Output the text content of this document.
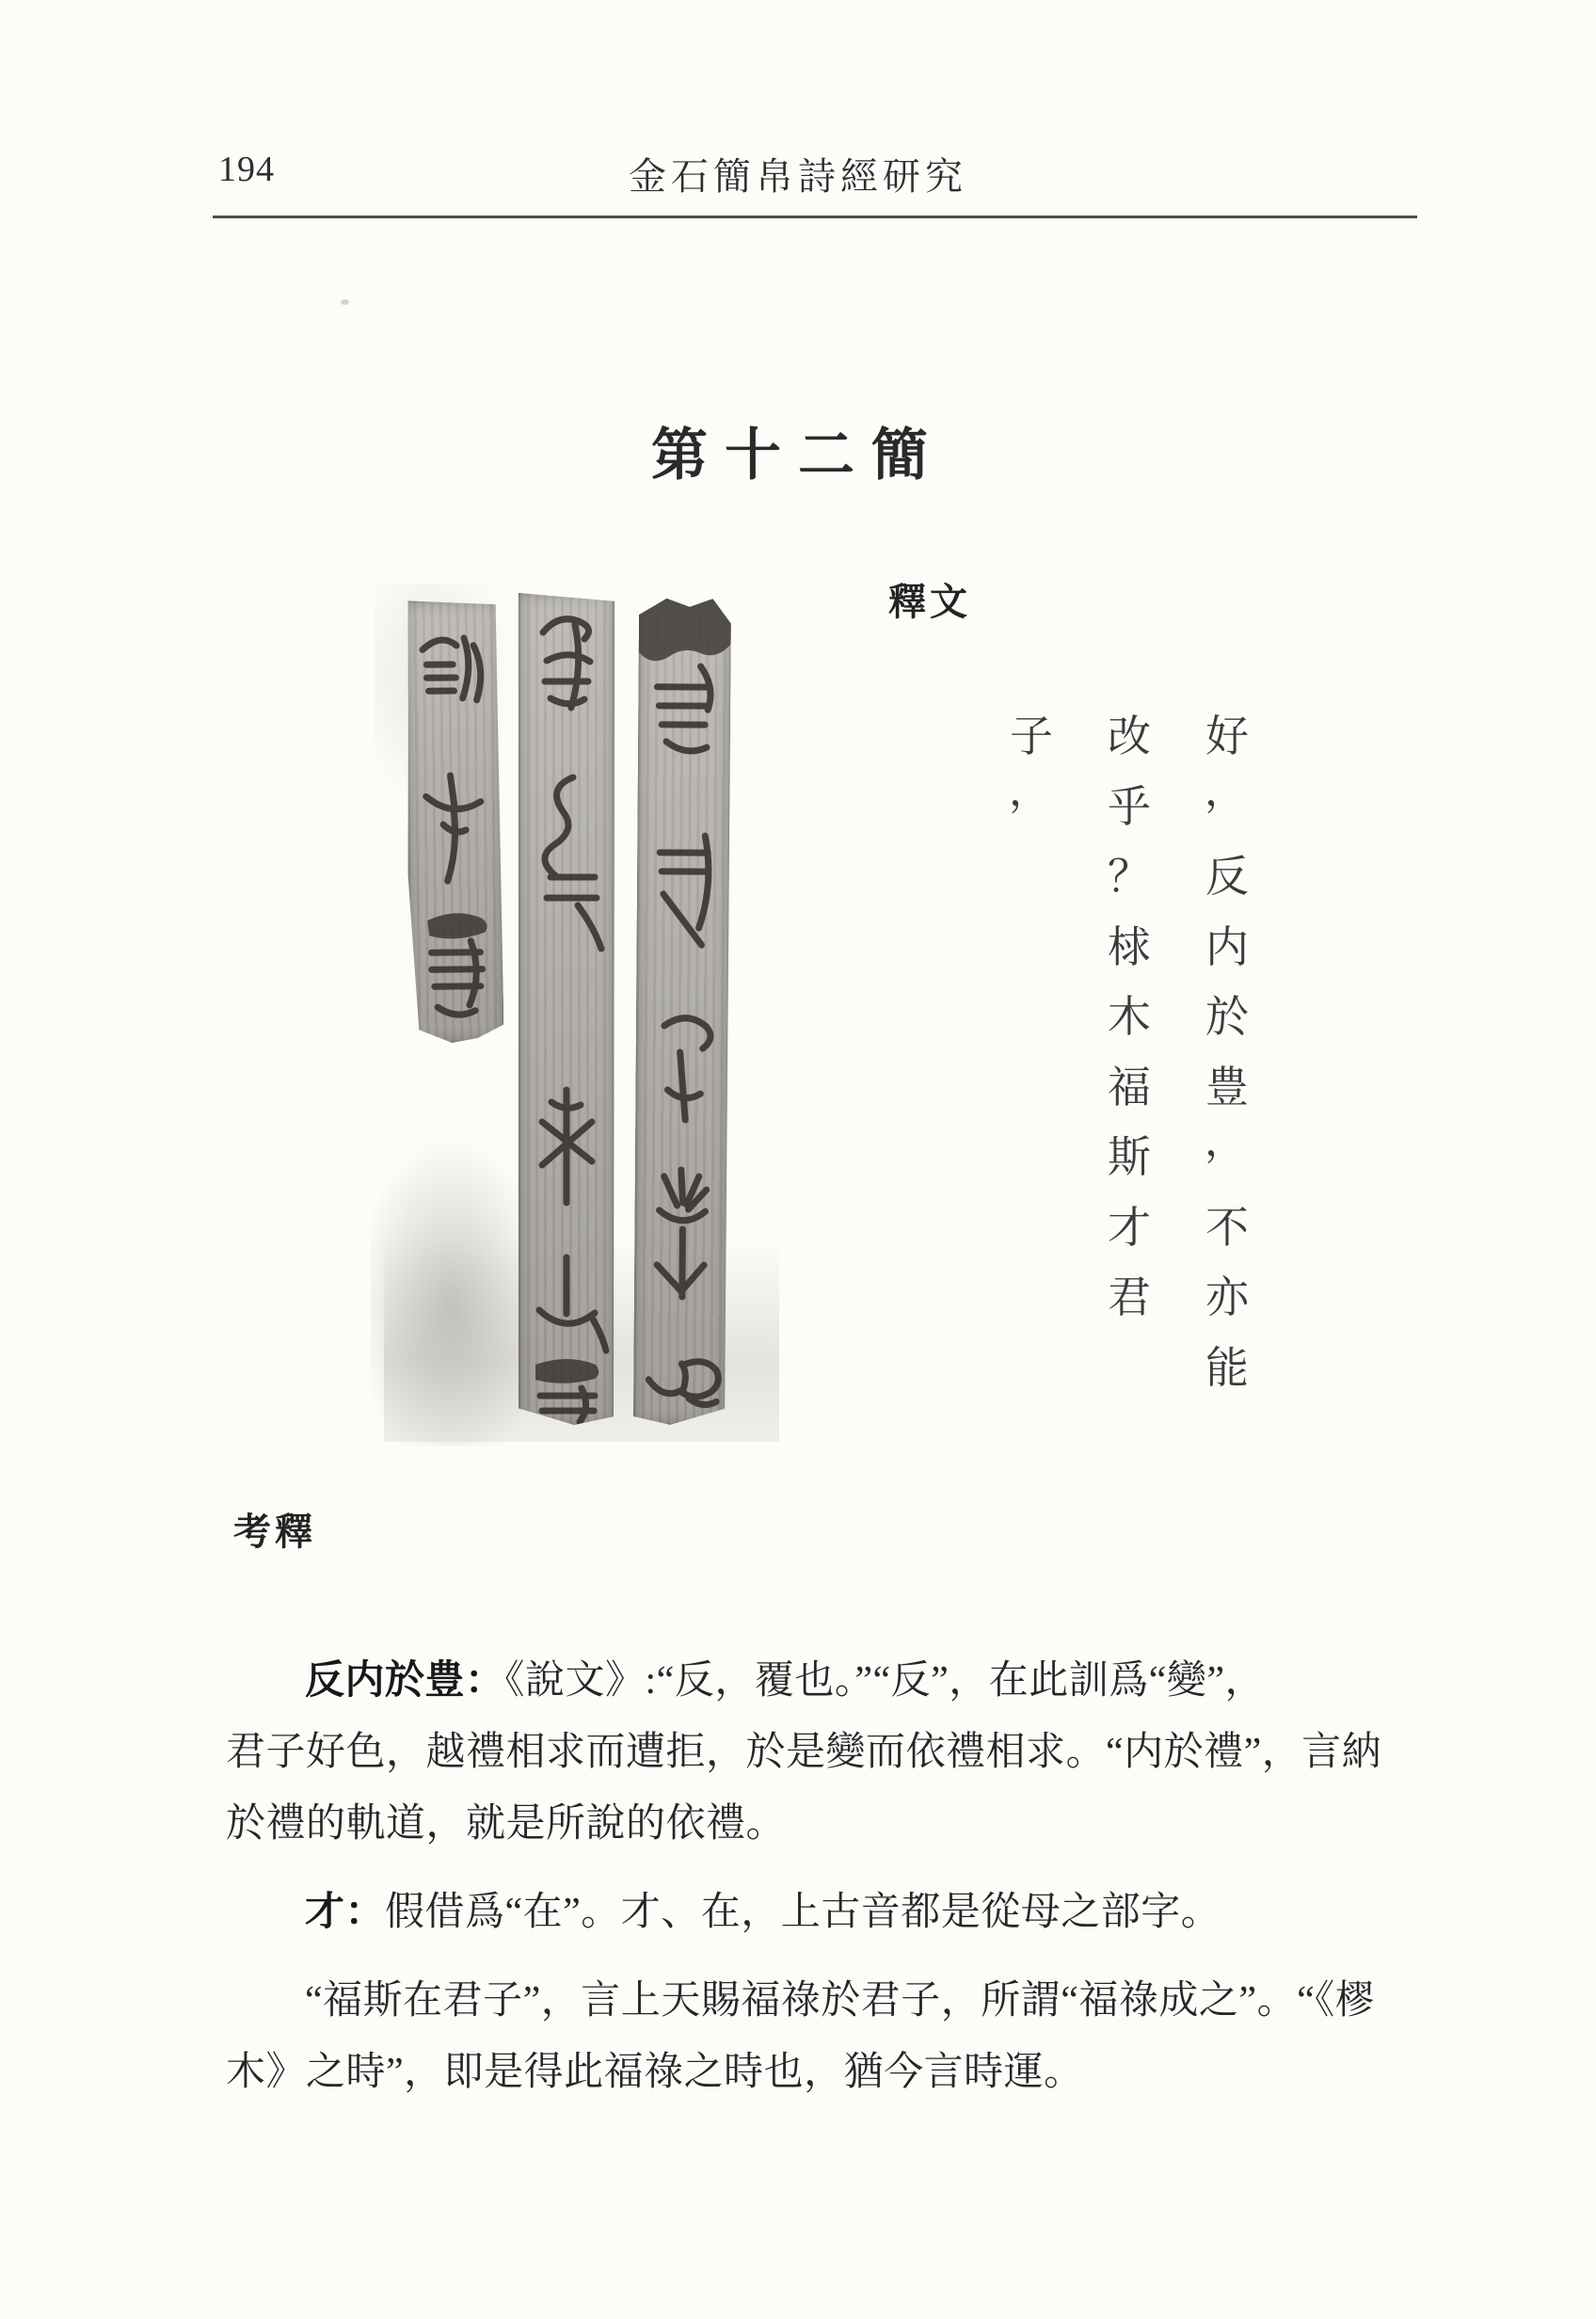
194	金石簡帛詩經研究
第十二簡
釋文
好
，
反
内
於
豊
，
不
亦
能
改
乎
？
梂
木
福
斯
才
君
子
，
考釋
反内於豊：《說文》:“反，覆也。”“反”，在此訓爲“變”，
君子好色，越禮相求而遭拒，於是變而依禮相求。“内於禮”，言納
於禮的軌道，就是所說的依禮。
才：假借爲“在”。才、在，上古音都是從母之部字。
“福斯在君子”，言上天賜福祿於君子，所謂“福祿成之”。“《樛
木》之時”，即是得此福祿之時也，猶今言時運。
